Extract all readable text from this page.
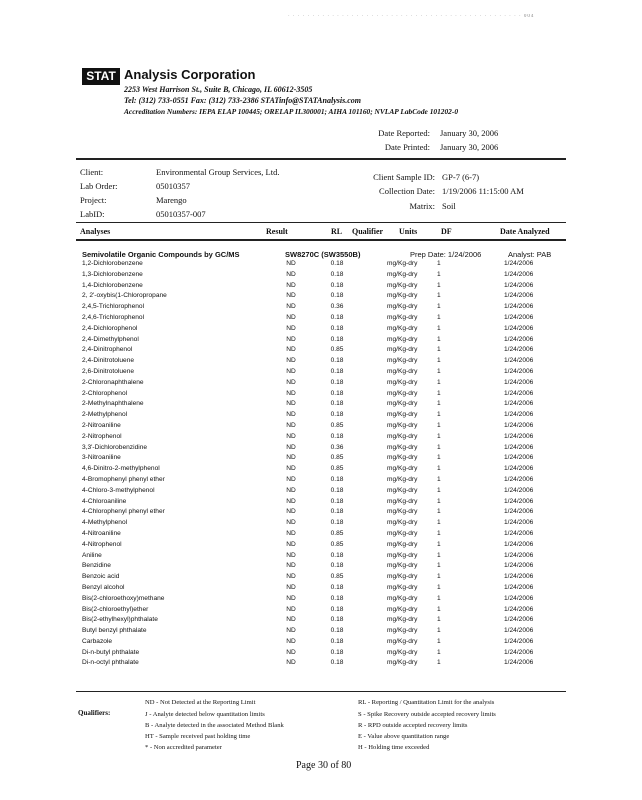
· · · · · · · · · · · · · · · · · · · · · · · · · · · · · · · · · · · · · · · · · · · · · · · · 004
STAT Analysis Corporation
2253 West Harrison St., Suite B, Chicago, IL 60612-3505
Tel: (312) 733-0551 Fax: (312) 733-2386 STATinfo@STATAnalysis.com
Accreditation Numbers: IEPA ELAP 100445; ORELAP IL300001; AIHA 101160; NVLAP LabCode 101202-0
Date Reported: January 30, 2006
Date Printed: January 30, 2006
Client:	Environmental Group Services, Ltd.
Lab Order:	05010357
Project:	Marengo
LabID:	05010357-007
Client Sample ID: GP-7 (6-7)
Collection Date: 1/19/2006 11:15:00 AM
Matrix: Soil
Analyses	Result	RL Qualifier Units	DF	Date Analyzed
Semivolatile Organic Compounds by GC/MS	SW8270C (SW3550B)	Prep Date: 1/24/2006	Analyst: PAB
1,2-Dichlorobenzene	ND	0.18	mg/Kg-dry	1	1/24/2006
1,3-Dichlorobenzene	ND	0.18	mg/Kg-dry	1	1/24/2006
1,4-Dichlorobenzene	ND	0.18	mg/Kg-dry	1	1/24/2006
2, 2'-oxybis(1-Chloropropane	ND	0.18	mg/Kg-dry	1	1/24/2006
2,4,5-Trichlorophenol	ND	0.36	mg/Kg-dry	1	1/24/2006
2,4,6-Trichlorophenol	ND	0.18	mg/Kg-dry	1	1/24/2006
2,4-Dichlorophenol	ND	0.18	mg/Kg-dry	1	1/24/2006
2,4-Dimethylphenol	ND	0.18	mg/Kg-dry	1	1/24/2006
2,4-Dinitrophenol	ND	0.85	mg/Kg-dry	1	1/24/2006
2,4-Dinitrotoluene	ND	0.18	mg/Kg-dry	1	1/24/2006
2,6-Dinitrotoluene	ND	0.18	mg/Kg-dry	1	1/24/2006
2-Chloronaphthalene	ND	0.18	mg/Kg-dry	1	1/24/2006
2-Chlorophenol	ND	0.18	mg/Kg-dry	1	1/24/2006
2-Methylnaphthalene	ND	0.18	mg/Kg-dry	1	1/24/2006
2-Methylphenol	ND	0.18	mg/Kg-dry	1	1/24/2006
2-Nitroaniline	ND	0.85	mg/Kg-dry	1	1/24/2006
2-Nitrophenol	ND	0.18	mg/Kg-dry	1	1/24/2006
3,3'-Dichlorobenzidine	ND	0.36	mg/Kg-dry	1	1/24/2006
3-Nitroaniline	ND	0.85	mg/Kg-dry	1	1/24/2006
4,6-Dinitro-2-methylphenol	ND	0.85	mg/Kg-dry	1	1/24/2006
4-Bromophenyl phenyl ether	ND	0.18	mg/Kg-dry	1	1/24/2006
4-Chloro-3-methylphenol	ND	0.18	mg/Kg-dry	1	1/24/2006
4-Chloroaniline	ND	0.18	mg/Kg-dry	1	1/24/2006
4-Chlorophenyl phenyl ether	ND	0.18	mg/Kg-dry	1	1/24/2006
4-Methylphenol	ND	0.18	mg/Kg-dry	1	1/24/2006
4-Nitroaniline	ND	0.85	mg/Kg-dry	1	1/24/2006
4-Nitrophenol	ND	0.85	mg/Kg-dry	1	1/24/2006
Aniline	ND	0.18	mg/Kg-dry	1	1/24/2006
Benzidine	ND	0.18	mg/Kg-dry	1	1/24/2006
Benzoic acid	ND	0.85	mg/Kg-dry	1	1/24/2006
Benzyl alcohol	ND	0.18	mg/Kg-dry	1	1/24/2006
Bis(2-chloroethoxy)methane	ND	0.18	mg/Kg-dry	1	1/24/2006
Bis(2-chloroethyl)ether	ND	0.18	mg/Kg-dry	1	1/24/2006
Bis(2-ethylhexyl)phthalate	ND	0.18	mg/Kg-dry	1	1/24/2006
Butyl benzyl phthalate	ND	0.18	mg/Kg-dry	1	1/24/2006
Carbazole	ND	0.18	mg/Kg-dry	1	1/24/2006
Di-n-butyl phthalate	ND	0.18	mg/Kg-dry	1	1/24/2006
Di-n-octyl phthalate	ND	0.18	mg/Kg-dry	1	1/24/2006
Qualifiers:
ND - Not Detected at the Reporting Limit
J - Analyte detected below quantitation limits
B - Analyte detected in the associated Method Blank
HT - Sample received past holding time
* - Non accredited parameter
RL - Reporting / Quantitation Limit for the analysis
S - Spike Recovery outside accepted recovery limits
R - RPD outside accepted recovery limits
E - Value above quantitation range
H - Holding time exceeded
Page 30 of 80
